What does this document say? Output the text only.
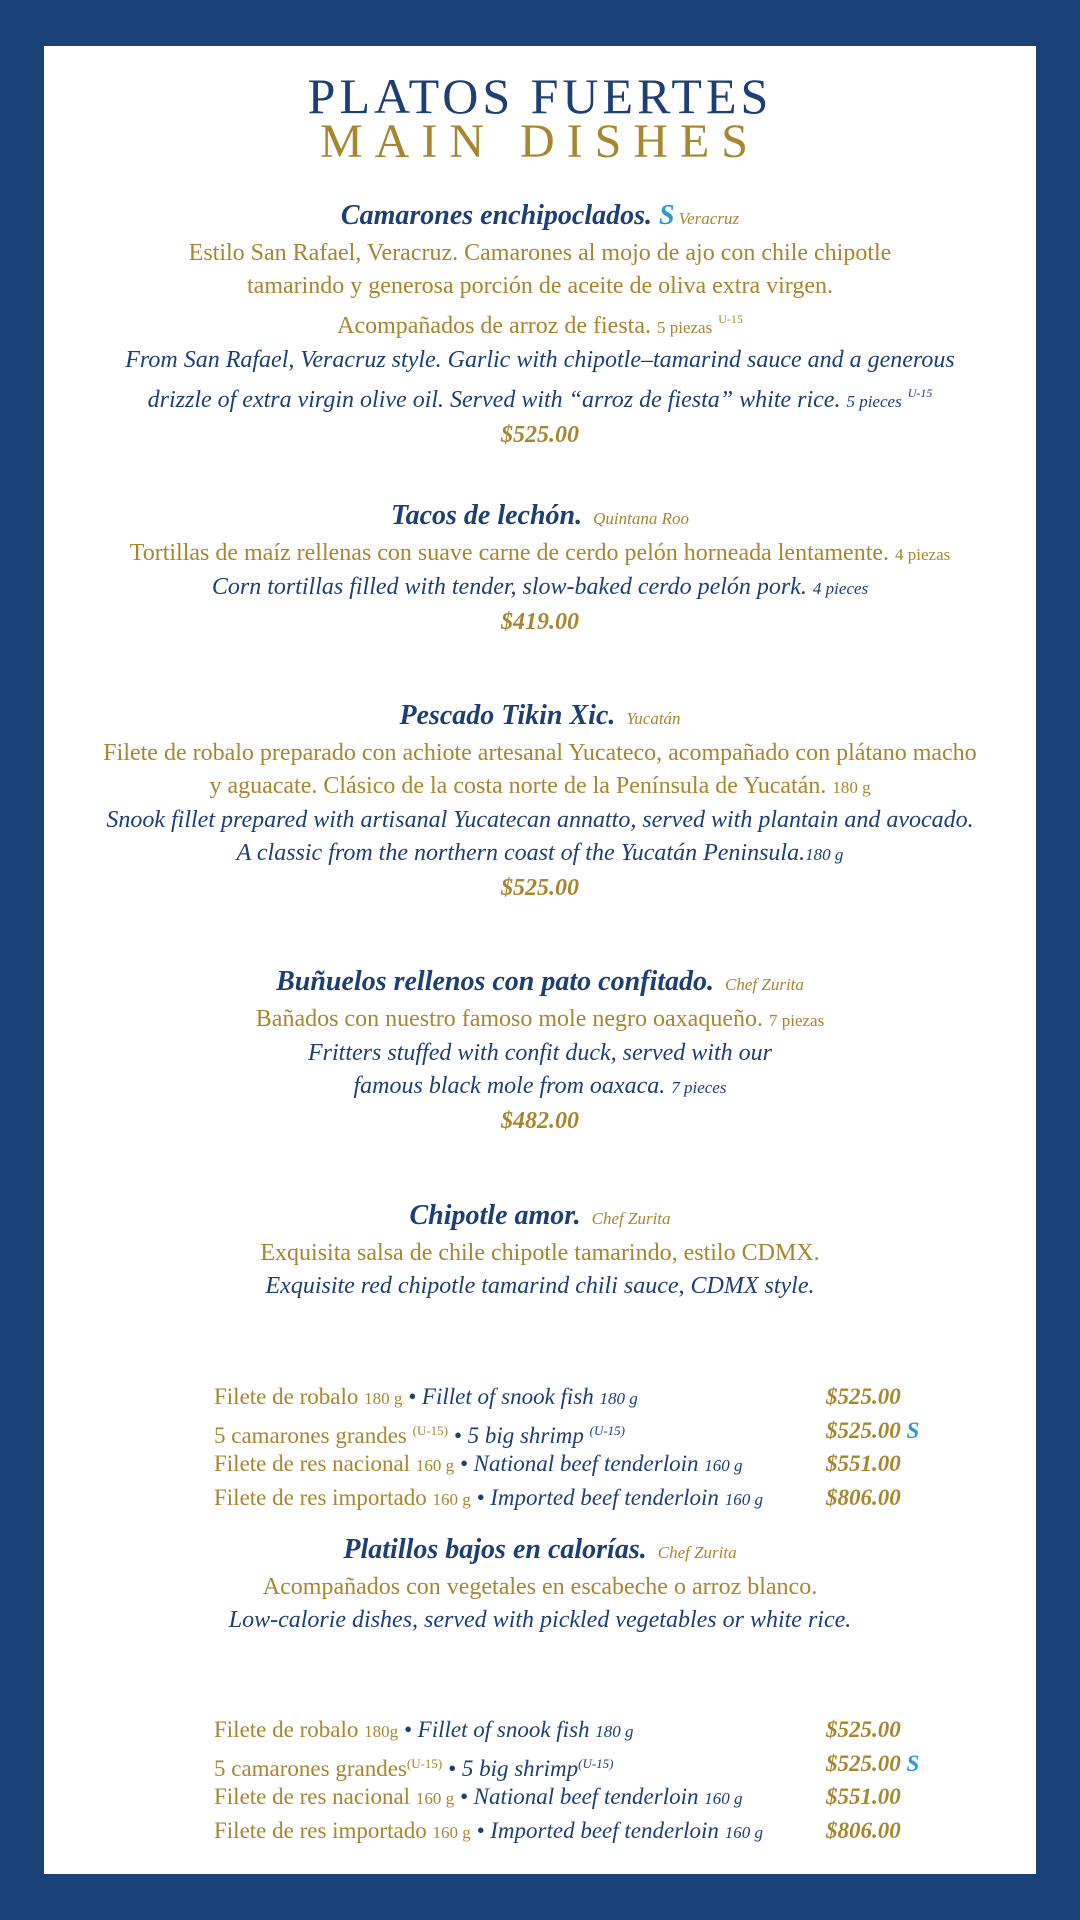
PLATOS FUERTES
MAIN DISHES
Camarones enchipoclados. S Veracruz
Estilo San Rafael, Veracruz. Camarones al mojo de ajo con chile chipotle
tamarindo y generosa porción de aceite de oliva extra virgen.
Acompañados de arroz de fiesta. 5 piezas $^{U-15}$
From San Rafael, Veracruz style. Garlic with chipotle–tamarind sauce and a generous
drizzle of extra virgin olive oil. Served with “arroz de fiesta” white rice. 5 pieces $^{U-15}$
$525.00
Tacos de lechón. Quintana Roo
Tortillas de maíz rellenas con suave carne de cerdo pelón horneada lentamente. 4 piezas
Corn tortillas filled with tender, slow-baked cerdo pelón pork. 4 pieces
$419.00
Pescado Tikin Xic. Yucatán
Filete de robalo preparado con achiote artesanal Yucateco, acompañado con plátano macho
y aguacate. Clásico de la costa norte de la Península de Yucatán. 180 g
Snook fillet prepared with artisanal Yucatecan annatto, served with plantain and avocado.
A classic from the northern coast of the Yucatán Peninsula.180 g
$525.00
Buñuelos rellenos con pato confitado. Chef Zurita
Bañados con nuestro famoso mole negro oaxaqueño. 7 piezas
Fritters stuffed with confit duck, served with our
famous black mole from oaxaca. 7 pieces
$482.00
Chipotle amor. Chef Zurita
Exquisita salsa de chile chipotle tamarindo, estilo CDMX.
Exquisite red chipotle tamarind chili sauce, CDMX style.
Filete de robalo 180 g • Fillet of snook fish 180 g	$525.00
5 camarones grandes $^{(U-15)}$ • 5 big shrimp $^{(U-15)}$	$525.00 S
Filete de res nacional 160 g • National beef tenderloin 160 g	$551.00
Filete de res importado 160 g • Imported beef tenderloin 160 g	$806.00
Platillos bajos en calorías. Chef Zurita
Acompañados con vegetales en escabeche o arroz blanco.
Low-calorie dishes, served with pickled vegetables or white rice.
Filete de robalo 180g • Fillet of snook fish 180 g	$525.00
5 camarones grandes$^{(U-15)}$ • 5 big shrimp$^{(U-15)}$	$525.00 S
Filete de res nacional 160 g • National beef tenderloin 160 g	$551.00
Filete de res importado 160 g • Imported beef tenderloin 160 g	$806.00
